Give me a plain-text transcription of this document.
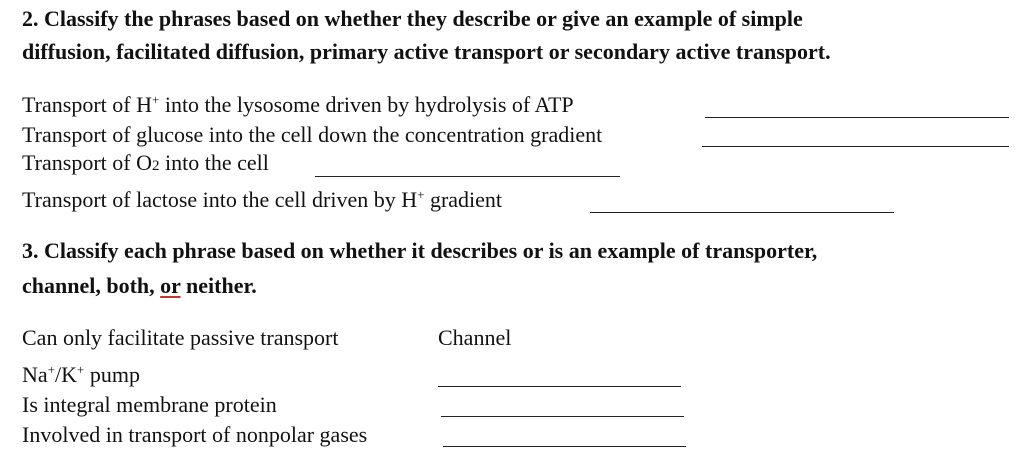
2. Classify the phrases based on whether they describe or give an example of simple
diffusion, facilitated diffusion, primary active transport or secondary active transport.
Transport of H+ into the lysosome driven by hydrolysis of ATP
Transport of glucose into the cell down the concentration gradient
Transport of O2 into the cell
Transport of lactose into the cell driven by H+ gradient
3. Classify each phrase based on whether it describes or is an example of transporter,
channel, both, or neither.
Can only facilitate passive transport	Channel
Na+/K+ pump
Is integral membrane protein
Involved in transport of nonpolar gases
